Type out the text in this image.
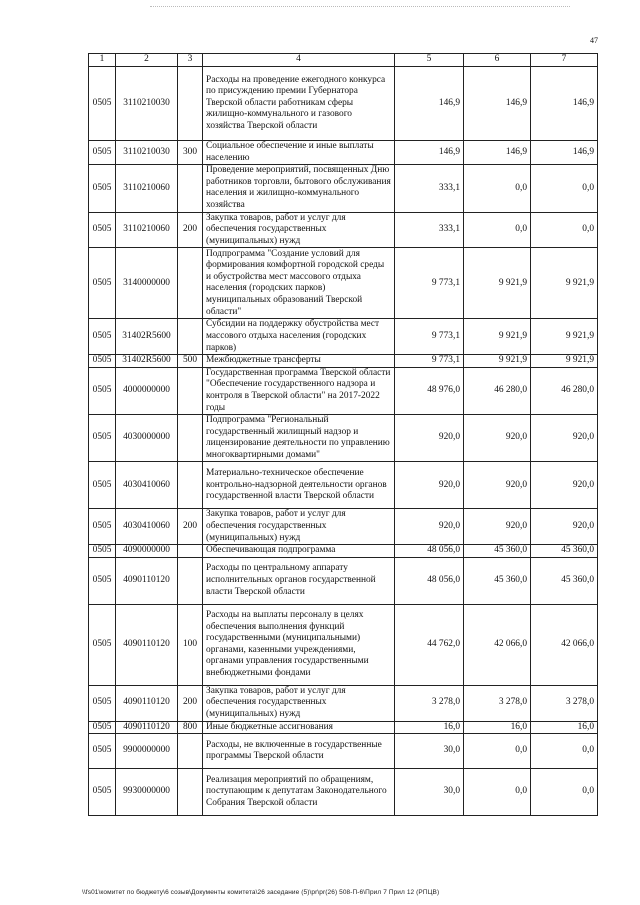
47
1	2	3	4	5	6	7
0505	3110210030		Расходы на проведение ежегодного конкурса по присуждению премии Губернатора Тверской области работникам сферы жилищно-коммунального и газового хозяйства Тверской области	146,9	146,9	146,9
0505	3110210030	300	Социальное обеспечение и иные выплаты населению	146,9	146,9	146,9
0505	3110210060		Проведение мероприятий, посвященных Дню работников торговли, бытового обслуживания населения и жилищно-коммунального хозяйства	333,1	0,0	0,0
0505	3110210060	200	Закупка товаров, работ и услуг для обеспечения государственных (муниципальных) нужд	333,1	0,0	0,0
0505	3140000000		Подпрограмма "Создание условий для формирования комфортной городской среды и обустройства мест массового отдыха населения (городских парков) муниципальных образований Тверской области"	9 773,1	9 921,9	9 921,9
0505	31402R5600		Субсидии на поддержку обустройства мест массового отдыха населения (городских парков)	9 773,1	9 921,9	9 921,9
0505	31402R5600	500	Межбюджетные трансферты	9 773,1	9 921,9	9 921,9
0505	4000000000		Государственная программа Тверской области "Обеспечение государственного надзора и контроля в Тверской области" на 2017-2022 годы	48 976,0	46 280,0	46 280,0
0505	4030000000		Подпрограмма "Региональный государственный жилищный надзор и лицензирование деятельности по управлению многоквартирными домами"	920,0	920,0	920,0
0505	4030410060		Материально-техническое обеспечение контрольно-надзорной деятельности органов государственной власти Тверской области	920,0	920,0	920,0
0505	4030410060	200	Закупка товаров, работ и услуг для обеспечения государственных (муниципальных) нужд	920,0	920,0	920,0
0505	4090000000		Обеспечивающая подпрограмма	48 056,0	45 360,0	45 360,0
0505	4090110120		Расходы по центральному аппарату исполнительных органов государственной власти Тверской области	48 056,0	45 360,0	45 360,0
0505	4090110120	100	Расходы на выплаты персоналу в целях обеспечения выполнения функций государственными (муниципальными) органами, казенными учреждениями, органами управления государственными внебюджетными фондами	44 762,0	42 066,0	42 066,0
0505	4090110120	200	Закупка товаров, работ и услуг для обеспечения государственных (муниципальных) нужд	3 278,0	3 278,0	3 278,0
0505	4090110120	800	Иные бюджетные ассигнования	16,0	16,0	16,0
0505	9900000000		Расходы, не включенные в государственные программы Тверской области	30,0	0,0	0,0
0505	9930000000		Реализация мероприятий по обращениям, поступающим к депутатам Законодательного Собрания Тверской области	30,0	0,0	0,0
\\fs01\комитет по бюджету\6 созыв\Документы комитета\26 заседание (5)\pr\pr(26) 508-П-6\Прил 7 Прил 12 (РПЦВ)
